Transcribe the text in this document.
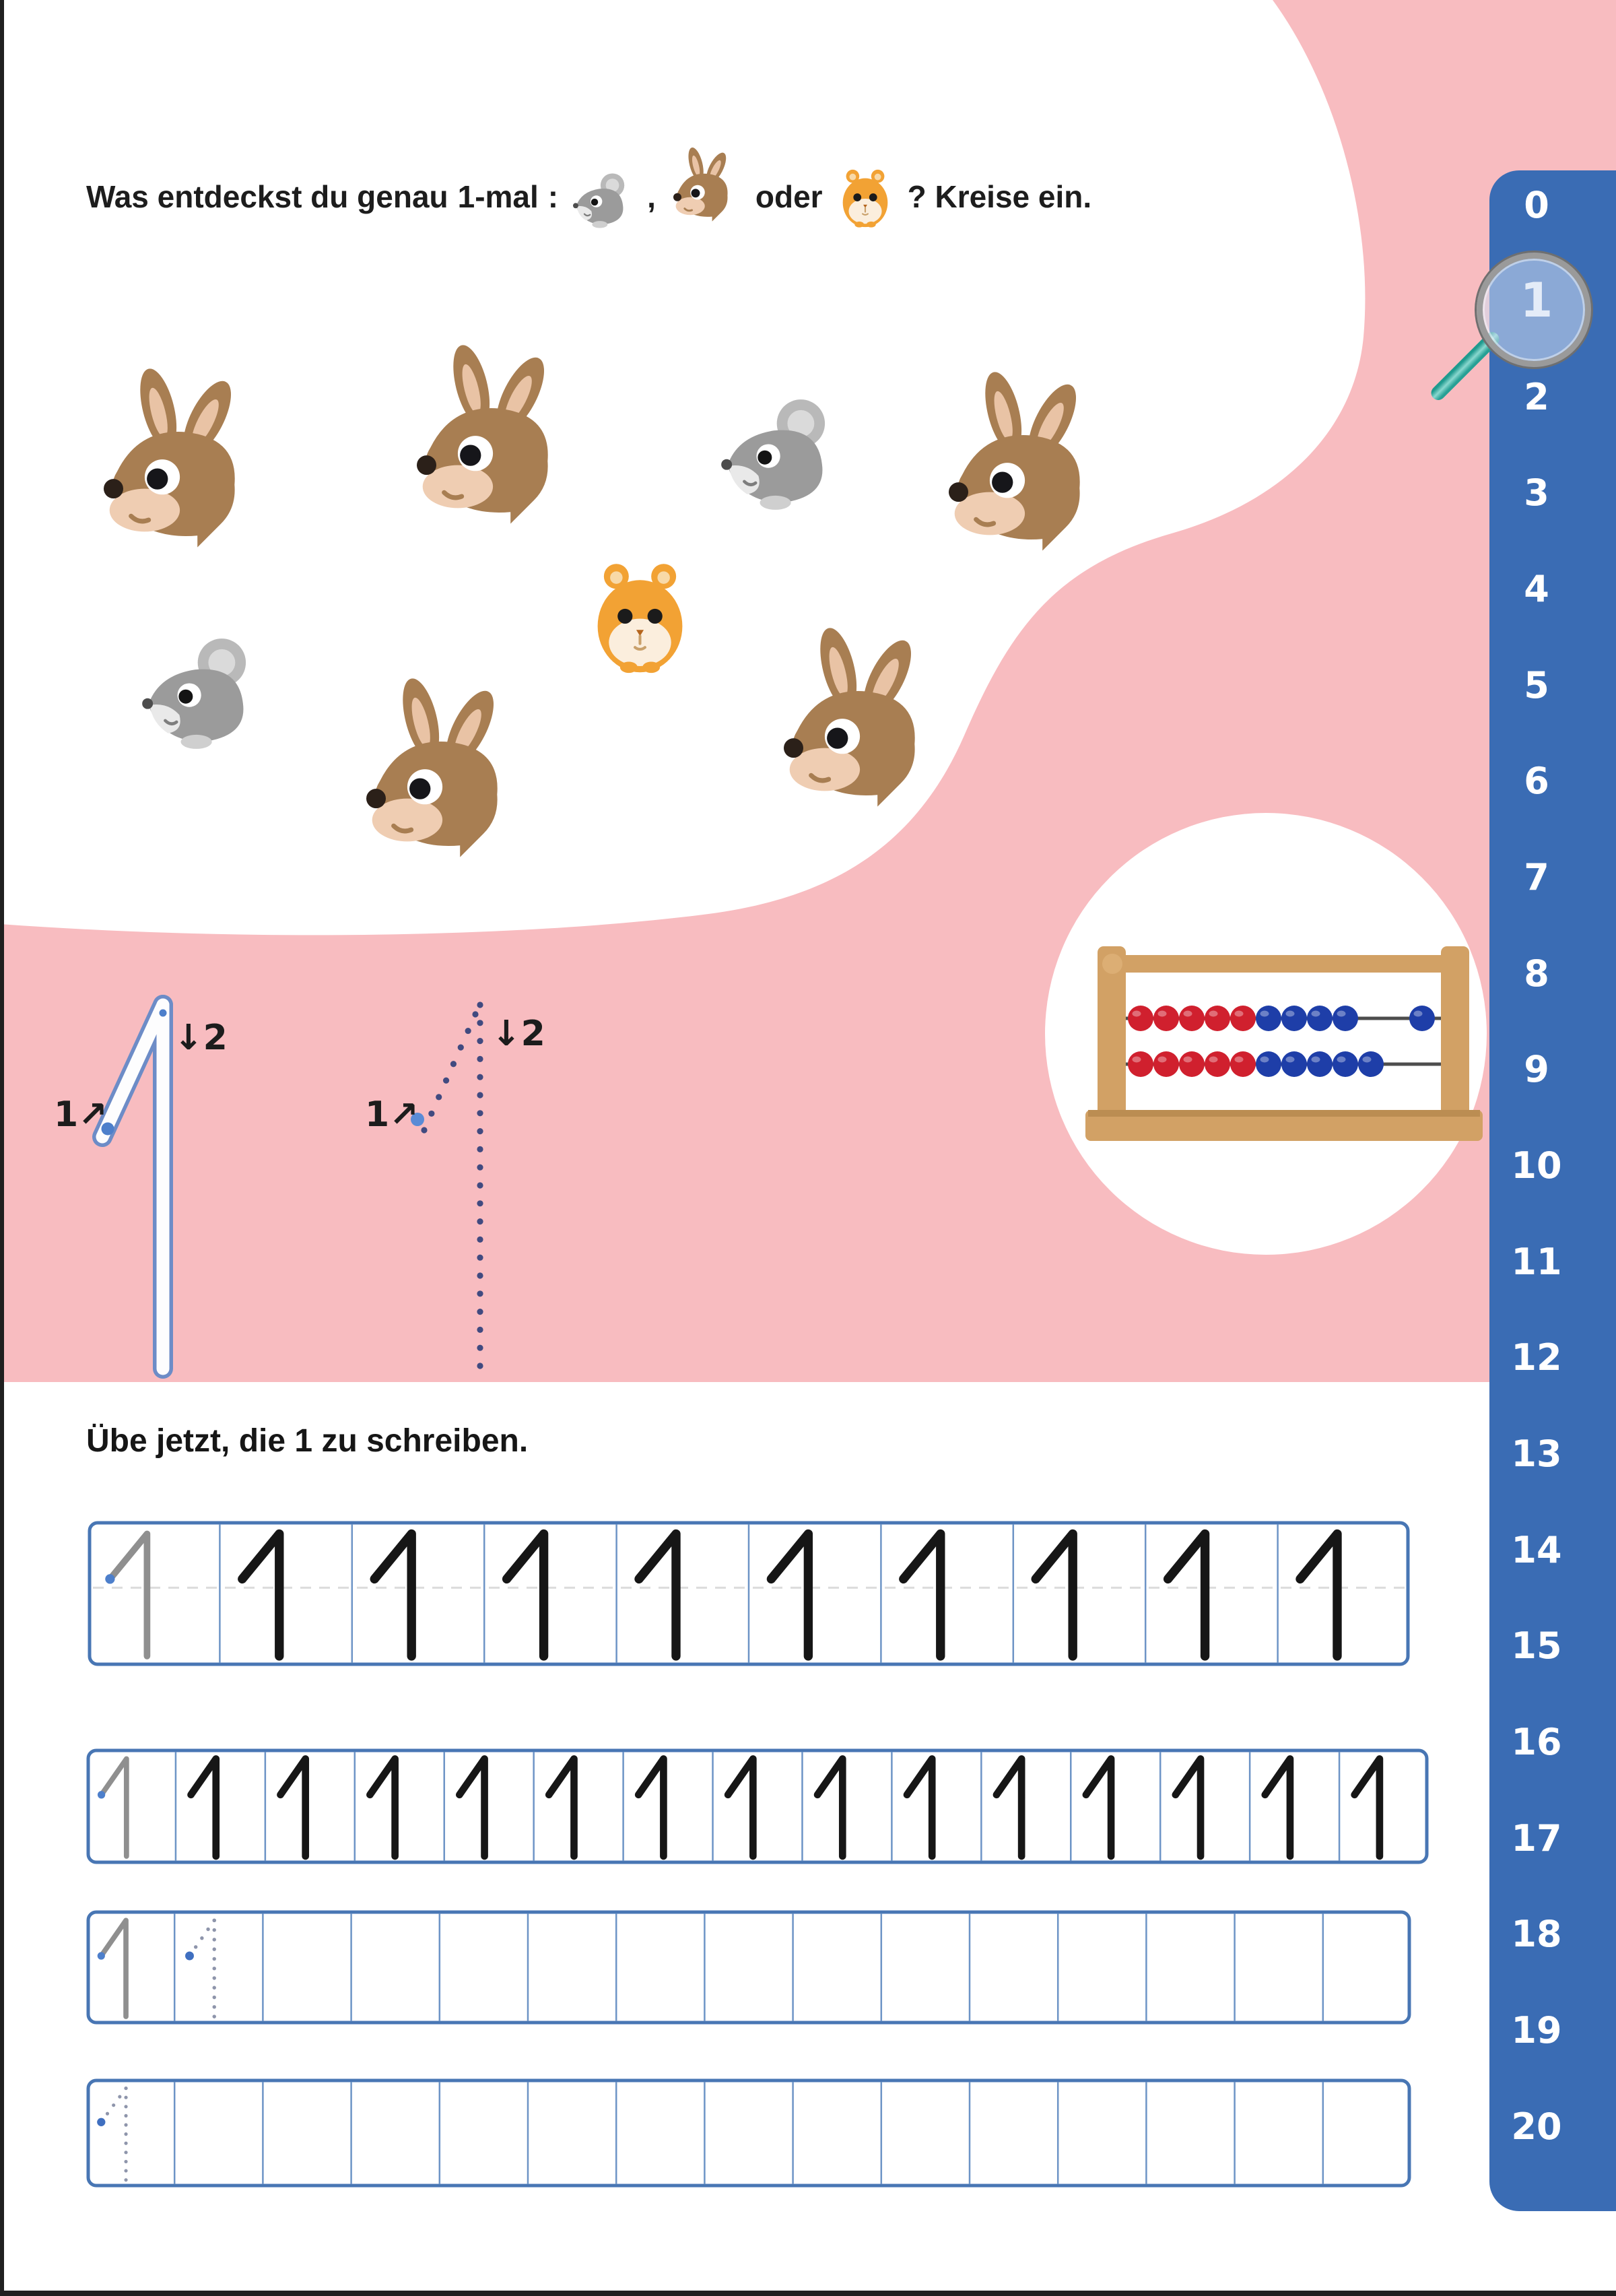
Was entdeckst du genau 1-mal :	,	oder	? Kreise ein.
1↗
↓2
1↗
↓2
Übe jetzt, die 1 zu schreiben.
0
2
3
4
5
6
7
8
9
10
11
12
13
14
15
16
17
18
19
20
